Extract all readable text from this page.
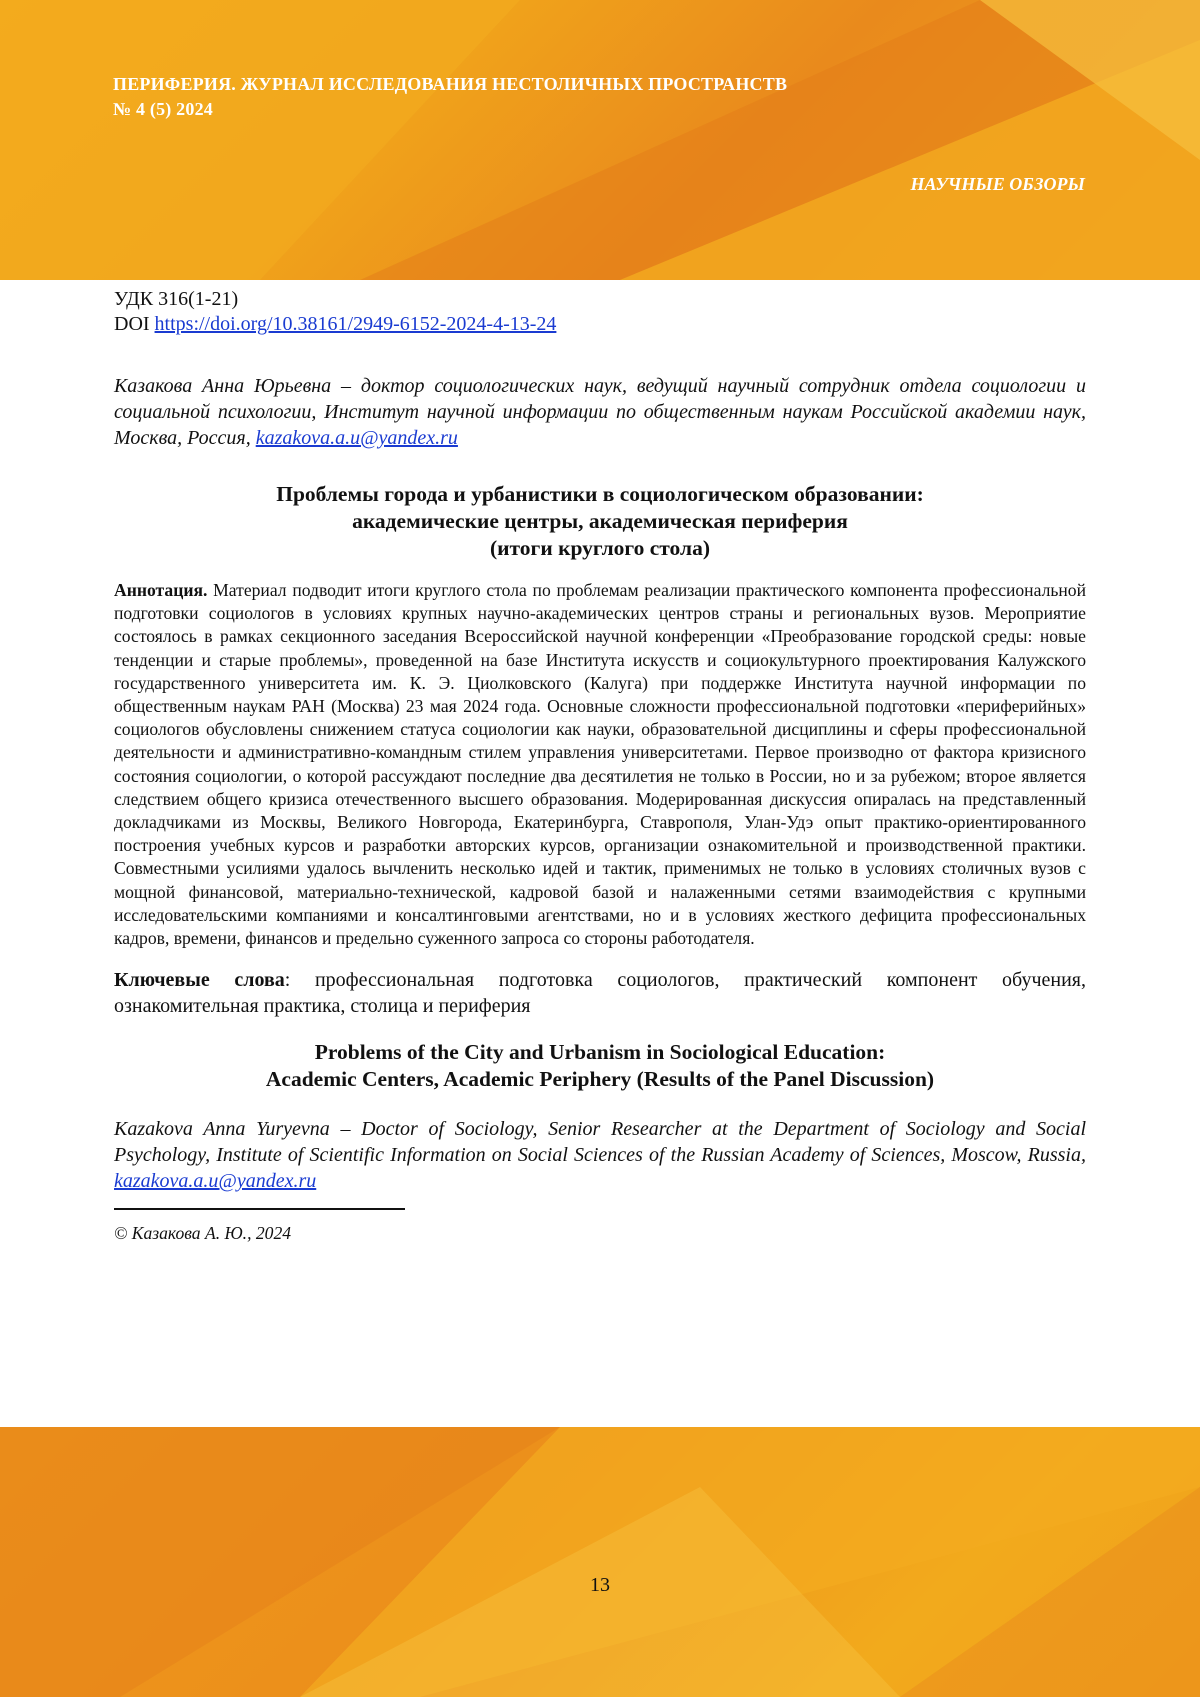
ПЕРИФЕРИЯ. ЖУРНАЛ ИССЛЕДОВАНИЯ НЕСТОЛИЧНЫХ ПРОСТРАНСТВ
№ 4 (5) 2024
НАУЧНЫЕ ОБЗОРЫ
УДК 316(1-21)
DOI https://doi.org/10.38161/2949-6152-2024-4-13-24
Казакова Анна Юрьевна – доктор социологических наук, ведущий научный сотрудник отдела социологии и социальной психологии, Институт научной информации по общественным наукам Российской академии наук, Москва, Россия, kazakova.a.u@yandex.ru
Проблемы города и урбанистики в социологическом образовании:
академические центры, академическая периферия
(итоги круглого стола)
Аннотация. Материал подводит итоги круглого стола по проблемам реализации практического компонента профессиональной подготовки социологов в условиях крупных научно-академических центров страны и региональных вузов. Мероприятие состоялось в рамках секционного заседания Всероссийской научной конференции «Преобразование городской среды: новые тенденции и старые проблемы», проведенной на базе Института искусств и социокультурного проектирования Калужского государственного университета им. К. Э. Циолковского (Калуга) при поддержке Института научной информации по общественным наукам РАН (Москва) 23 мая 2024 года. Основные сложности профессиональной подготовки «периферийных» социологов обусловлены снижением статуса социологии как науки, образовательной дисциплины и сферы профессиональной деятельности и административно-командным стилем управления университетами. Первое производно от фактора кризисного состояния социологии, о которой рассуждают последние два десятилетия не только в России, но и за рубежом; второе является следствием общего кризиса отечественного высшего образования. Модерированная дискуссия опиралась на представленный докладчиками из Москвы, Великого Новгорода, Екатеринбурга, Ставрополя, Улан-Удэ опыт практико-ориентированного построения учебных курсов и разработки авторских курсов, организации ознакомительной и производственной практики. Совместными усилиями удалось вычленить несколько идей и тактик, применимых не только в условиях столичных вузов с мощной финансовой, материально-технической, кадровой базой и налаженными сетями взаимодействия с крупными исследовательскими компаниями и консалтинговыми агентствами, но и в условиях жесткого дефицита профессиональных кадров, времени, финансов и предельно суженного запроса со стороны работодателя.
Ключевые слова: профессиональная подготовка социологов, практический компонент обучения, ознакомительная практика, столица и периферия
Problems of the City and Urbanism in Sociological Education:
Academic Centers, Academic Periphery (Results of the Panel Discussion)
Kazakova Anna Yuryevna – Doctor of Sociology, Senior Researcher at the Department of Sociology and Social Psychology, Institute of Scientific Information on Social Sciences of the Russian Academy of Sciences, Moscow, Russia, kazakova.a.u@yandex.ru
© Казакова А. Ю., 2024
13
